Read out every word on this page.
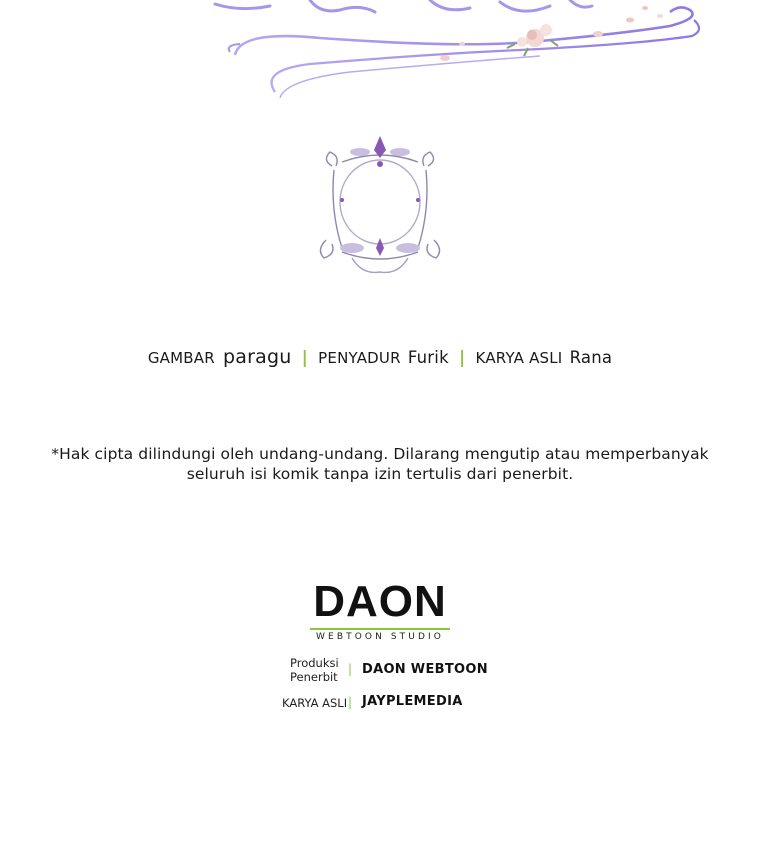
GAMBAR paragu | PENYADUR Furik | KARYA ASLI Rana
*Hak cipta dilindungi oleh undang-undang. Dilarang mengutip atau memperbanyak
seluruh isi komik tanpa izin tertulis dari penerbit.
DAON
WEBTOON STUDIO
Produksi
Penerbit
| DAON WEBTOON
KARYA ASLI | JAYPLEMEDIA
